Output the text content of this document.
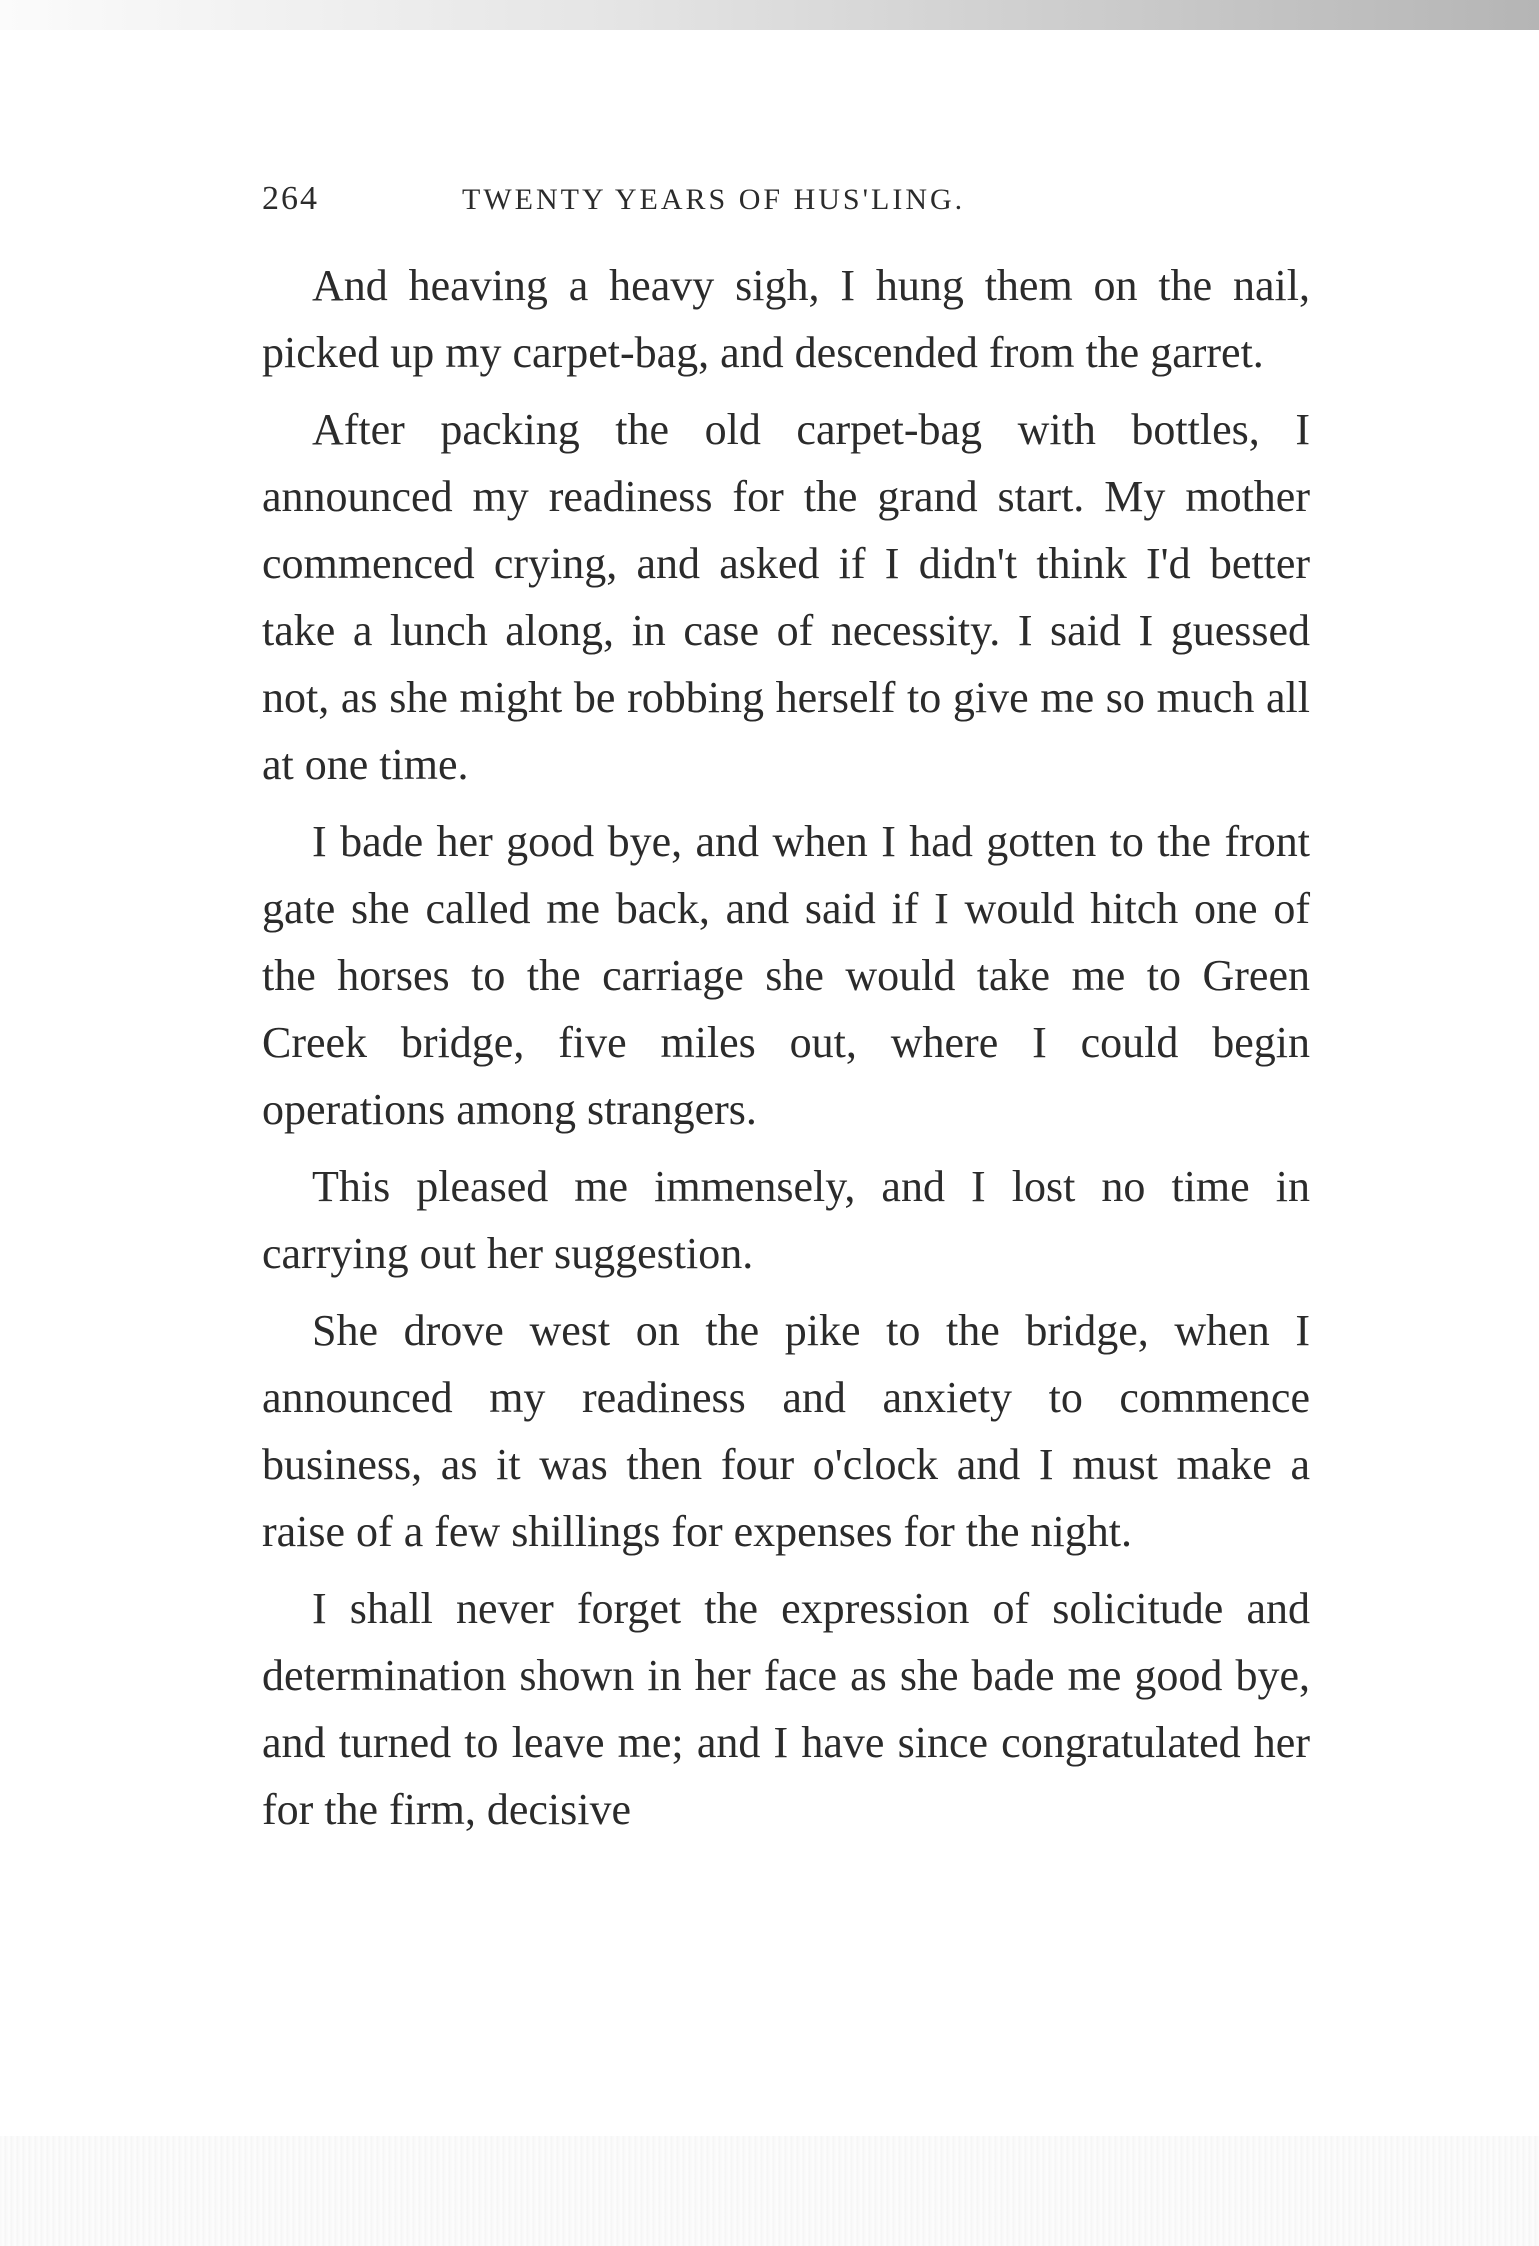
264	TWENTY YEARS OF HUS'LING.

And heaving a heavy sigh, I hung them on the nail, picked up my carpet-bag, and descended from the garret.

After packing the old carpet-bag with bottles, I announced my readiness for the grand start. My mother commenced crying, and asked if I didn't think I'd better take a lunch along, in case of necessity. I said I guessed not, as she might be robbing herself to give me so much all at one time.

I bade her good bye, and when I had gotten to the front gate she called me back, and said if I would hitch one of the horses to the carriage she would take me to Green Creek bridge, five miles out, where I could begin operations among strangers.

This pleased me immensely, and I lost no time in carrying out her suggestion.

She drove west on the pike to the bridge, when I announced my readiness and anxiety to commence business, as it was then four o'clock and I must make a raise of a few shillings for expenses for the night.

I shall never forget the expression of solicitude and determination shown in her face as she bade me good bye, and turned to leave me; and I have since congratulated her for the firm, decisive
